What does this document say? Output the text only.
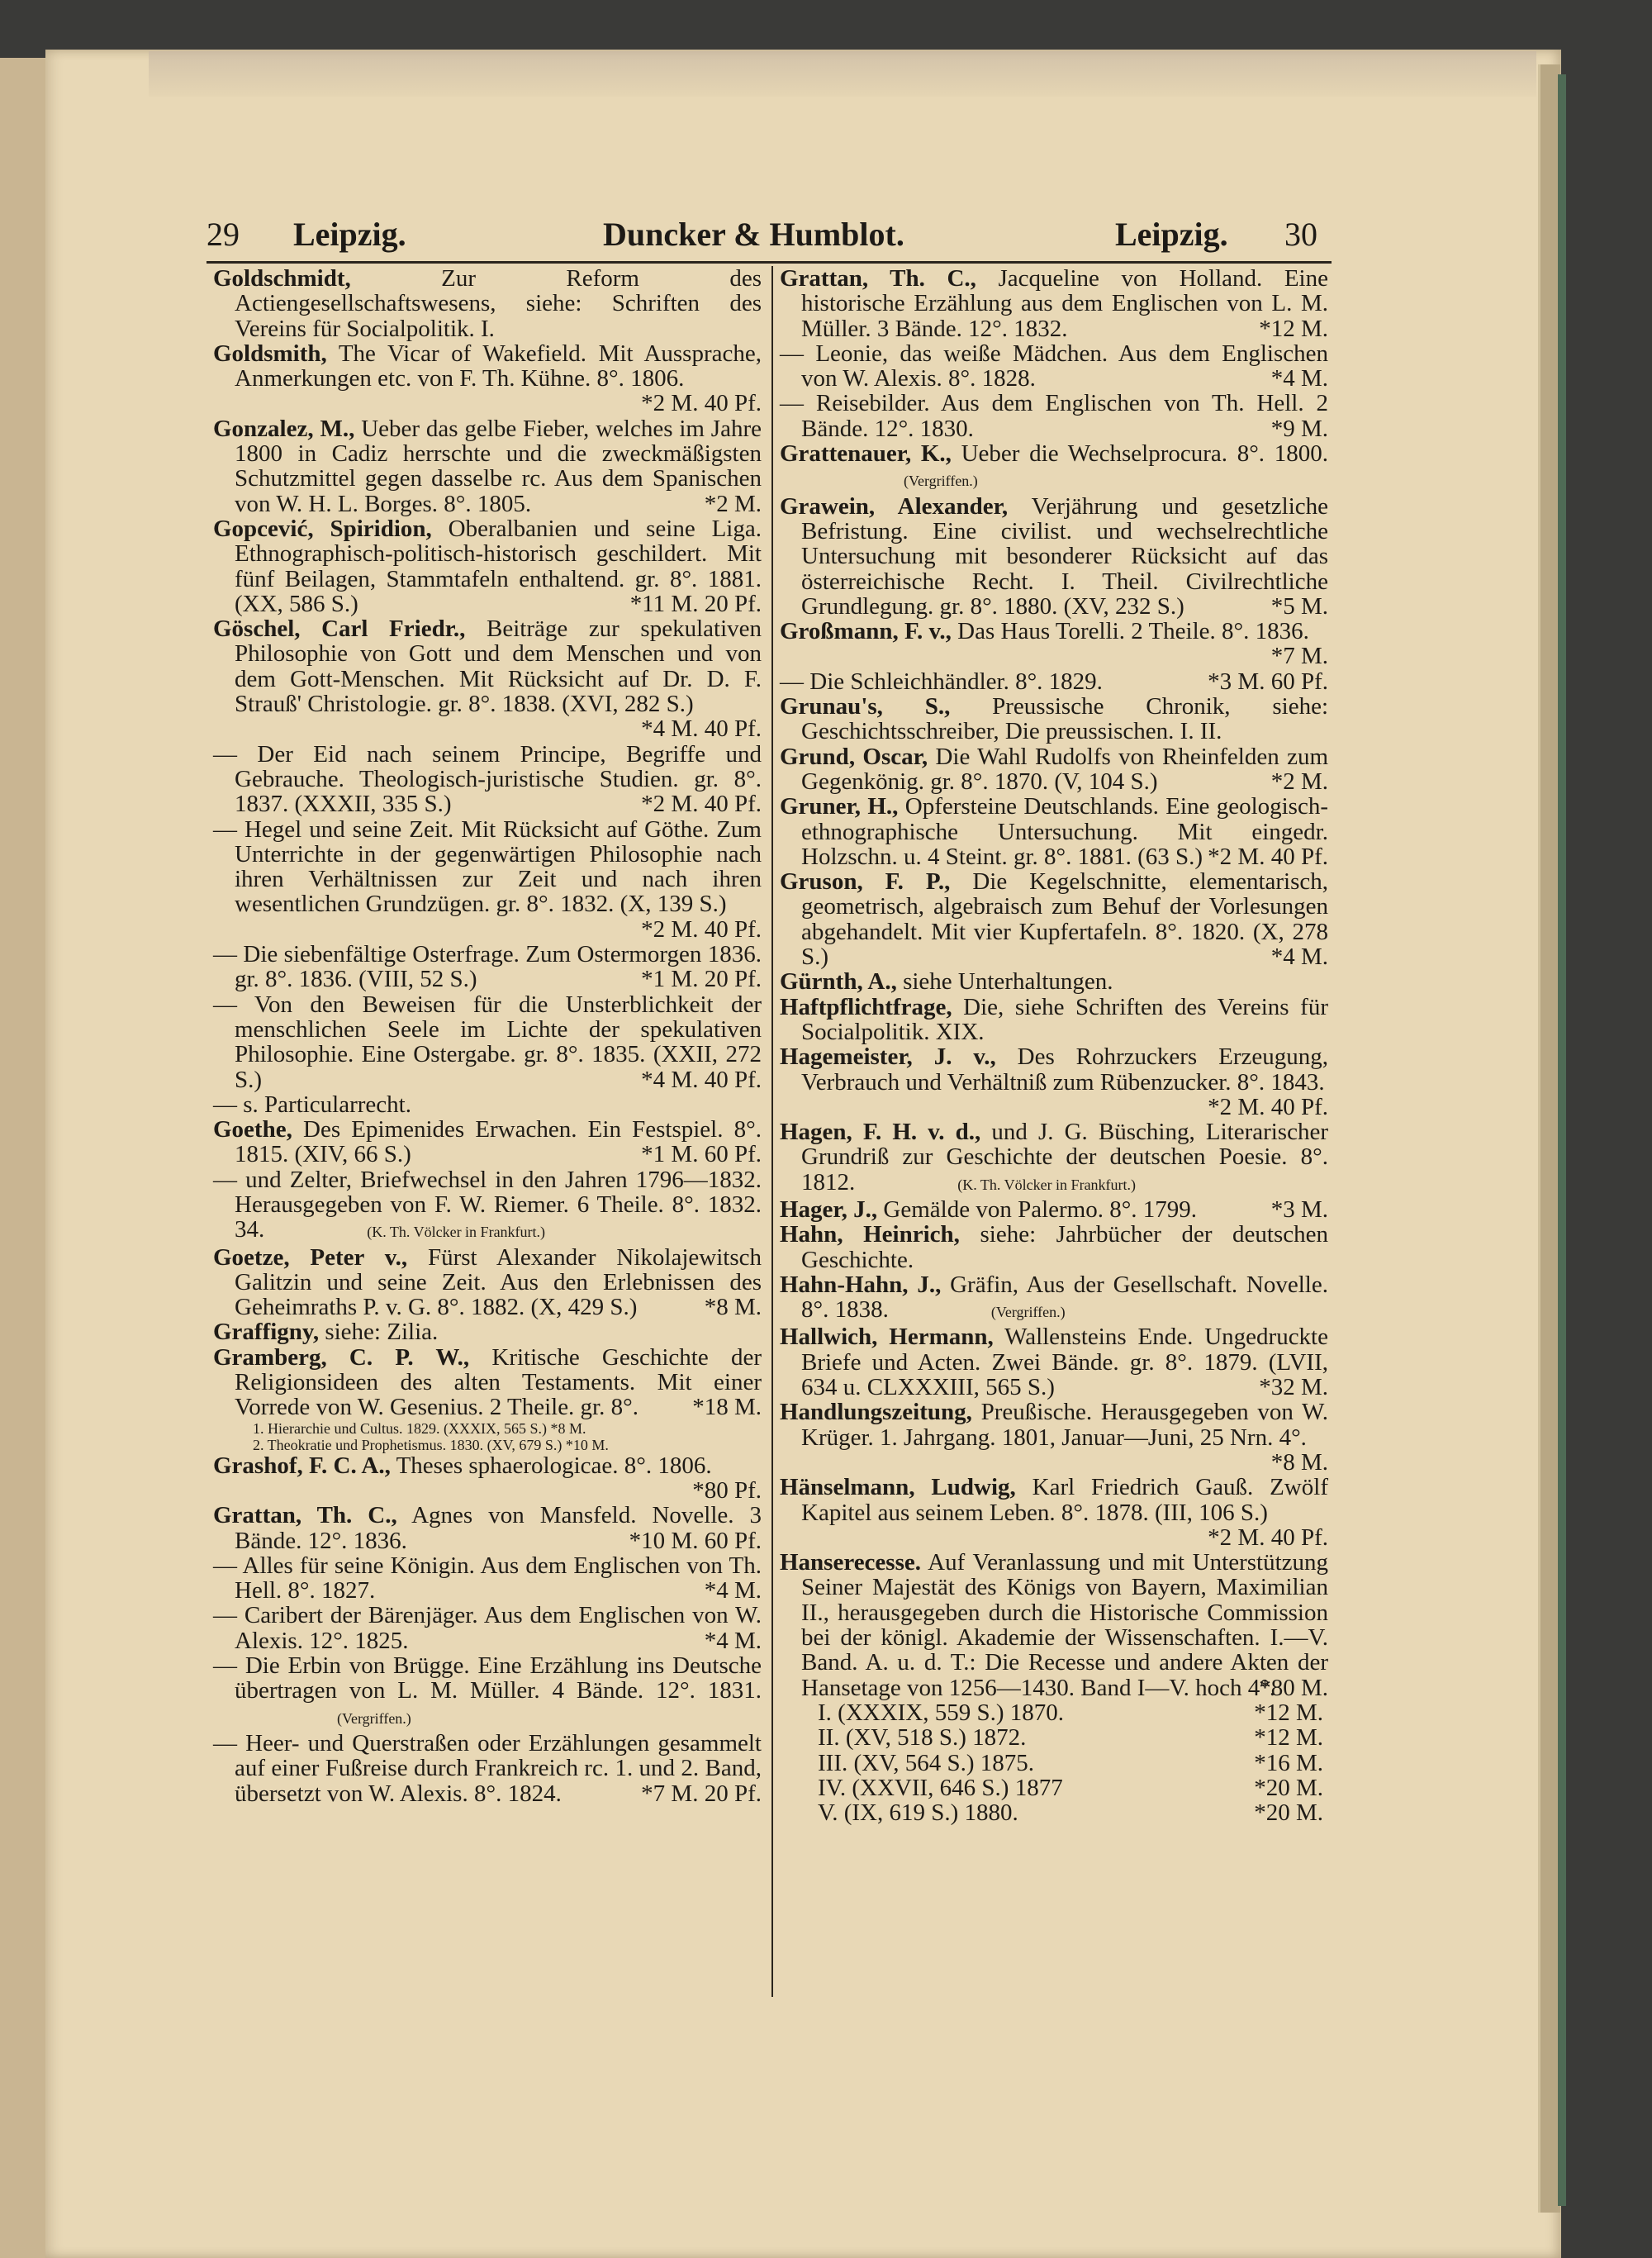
29 Leipzig.	Duncker & Humblot.	Leipzig. 30

Goldschmidt, Zur Reform des Actiengesellschaftswesens, siehe: Schriften des Vereins für Socialpolitik. I.

Goldsmith, The Vicar of Wakefield. Mit Aussprache, Anmerkungen etc. von F. Th. Kühne. 8°. 1806.
*2 M. 40 Pf.

Gonzalez, M., Ueber das gelbe Fieber, welches im Jahre 1800 in Cadiz herrschte und die zweckmäßigsten Schutzmittel gegen dasselbe rc. Aus dem Spanischen von W. H. L. Borges. 8°. 1805.	*2 M.

Gopcević, Spiridion, Oberalbanien und seine Liga. Ethnographisch-politisch-historisch geschildert. Mit fünf Beilagen, Stammtafeln enthaltend. gr. 8°. 1881. (XX, 586 S.)	*11 M. 20 Pf.

Göschel, Carl Friedr., Beiträge zur spekulativen Philosophie von Gott und dem Menschen und von dem Gott-Menschen. Mit Rücksicht auf Dr. D. F. Strauß' Christologie. gr. 8°. 1838. (XVI, 282 S.)
*4 M. 40 Pf.

— Der Eid nach seinem Principe, Begriffe und Gebrauche. Theologisch-juristische Studien. gr. 8°. 1837. (XXXII, 335 S.)	*2 M. 40 Pf.

— Hegel und seine Zeit. Mit Rücksicht auf Göthe. Zum Unterrichte in der gegenwärtigen Philosophie nach ihren Verhältnissen zur Zeit und nach ihren wesentlichen Grundzügen. gr. 8°. 1832. (X, 139 S.)
*2 M. 40 Pf.

— Die siebenfältige Osterfrage. Zum Ostermorgen 1836. gr. 8°. 1836. (VIII, 52 S.)	*1 M. 20 Pf.

— Von den Beweisen für die Unsterblichkeit der menschlichen Seele im Lichte der spekulativen Philosophie. Eine Ostergabe. gr. 8°. 1835. (XXII, 272 S.)	*4 M. 40 Pf.

— s. Particularrecht.

Goethe, Des Epimenides Erwachen. Ein Festspiel. 8°. 1815. (XIV, 66 S.)	*1 M. 60 Pf.

— und Zelter, Briefwechsel in den Jahren 1796—1832. Herausgegeben von F. W. Riemer. 6 Theile. 8°. 1832. 34.	(K. Th. Völcker in Frankfurt.)

Goetze, Peter v., Fürst Alexander Nikolajewitsch Galitzin und seine Zeit. Aus den Erlebnissen des Geheimraths P. v. G. 8°. 1882. (X, 429 S.)	*8 M.

Graffigny, siehe: Zilia.

Gramberg, C. P. W., Kritische Geschichte der Religionsideen des alten Testaments. Mit einer Vorrede von W. Gesenius. 2 Theile. gr. 8°. *18 M.

1. Hierarchie und Cultus. 1829. (XXXIX, 565 S.) *8 M.
2. Theokratie und Prophetismus. 1830. (XV, 679 S.) *10 M.

Grashof, F. C. A., Theses sphaerologicae. 8°. 1806.
*80 Pf.

Grattan, Th. C., Agnes von Mansfeld. Novelle. 3 Bände. 12°. 1836.	*10 M. 60 Pf.

— Alles für seine Königin. Aus dem Englischen von Th. Hell. 8°. 1827.	*4 M.

— Caribert der Bärenjäger. Aus dem Englischen von W. Alexis. 12°. 1825.	*4 M.

— Die Erbin von Brügge. Eine Erzählung ins Deutsche übertragen von L. M. Müller. 4 Bände. 12°. 1831.(Vergriffen.)

— Heer- und Querstraßen oder Erzählungen gesammelt auf einer Fußreise durch Frankreich rc. 1. und 2. Band, übersetzt von W. Alexis. 8°. 1824.	*7 M. 20 Pf.

Grattan, Th. C., Jacqueline von Holland. Eine historische Erzählung aus dem Englischen von L. M. Müller. 3 Bände. 12°. 1832.	*12 M.

— Leonie, das weiße Mädchen. Aus dem Englischen von W. Alexis. 8°. 1828.	*4 M.

— Reisebilder. Aus dem Englischen von Th. Hell. 2 Bände. 12°. 1830.	*9 M.

Grattenauer, K., Ueber die Wechselprocura. 8°. 1800.(Vergriffen.)

Grawein, Alexander, Verjährung und gesetzliche Befristung. Eine civilist. und wechselrechtliche Untersuchung mit besonderer Rücksicht auf das österreichische Recht. I. Theil. Civilrechtliche Grundlegung. gr. 8°. 1880. (XV, 232 S.)	*5 M.

Großmann, F. v., Das Haus Torelli. 2 Theile. 8°. 1836.
*7 M.

— Die Schleichhändler. 8°. 1829.	*3 M. 60 Pf.

Grunau's, S., Preussische Chronik, siehe: Geschichtsschreiber, Die preussischen. I. II.

Grund, Oscar, Die Wahl Rudolfs von Rheinfelden zum Gegenkönig. gr. 8°. 1870. (V, 104 S.)	*2 M.

Gruner, H., Opfersteine Deutschlands. Eine geologisch-ethnographische Untersuchung. Mit eingedr. Holzschn. u. 4 Steint. gr. 8°. 1881. (63 S.) *2 M. 40 Pf.

Gruson, F. P., Die Kegelschnitte, elementarisch, geometrisch, algebraisch zum Behuf der Vorlesungen abgehandelt. Mit vier Kupfertafeln. 8°. 1820. (X, 278 S.)	*4 M.

Gürnth, A., siehe Unterhaltungen.

Haftpflichtfrage, Die, siehe Schriften des Vereins für Socialpolitik. XIX.

Hagemeister, J. v., Des Rohrzuckers Erzeugung, Verbrauch und Verhältniß zum Rübenzucker. 8°. 1843.
*2 M. 40 Pf.

Hagen, F. H. v. d., und J. G. Büsching, Literarischer Grundriß zur Geschichte der deutschen Poesie. 8°. 1812.	(K. Th. Völcker in Frankfurt.)

Hager, J., Gemälde von Palermo. 8°. 1799.	*3 M.

Hahn, Heinrich, siehe: Jahrbücher der deutschen Geschichte.

Hahn-Hahn, J., Gräfin, Aus der Gesellschaft. Novelle. 8°. 1838.	(Vergriffen.)

Hallwich, Hermann, Wallensteins Ende. Ungedruckte Briefe und Acten. Zwei Bände. gr. 8°. 1879. (LVII, 634 u. CLXXXIII, 565 S.)	*32 M.

Handlungszeitung, Preußische. Herausgegeben von W. Krüger. 1. Jahrgang. 1801, Januar—Juni, 25 Nrn. 4°.
*8 M.

Hänselmann, Ludwig, Karl Friedrich Gauß. Zwölf Kapitel aus seinem Leben. 8°. 1878. (III, 106 S.)
*2 M. 40 Pf.

Hanserecesse. Auf Veranlassung und mit Unterstützung Seiner Majestät des Königs von Bayern, Maximilian II., herausgegeben durch die Historische Commission bei der königl. Akademie der Wissenschaften. I.—V. Band. A. u. d. T.: Die Recesse und andere Akten der Hansetage von 1256—1430. Band I—V. hoch 4°.
*80 M.

I. (XXXIX, 559 S.) 1870.	*12 M.
II. (XV, 518 S.) 1872.	*12 M.
III. (XV, 564 S.) 1875.	*16 M.
IV. (XXVII, 646 S.) 1877	*20 M.
V. (IX, 619 S.) 1880.	*20 M.
